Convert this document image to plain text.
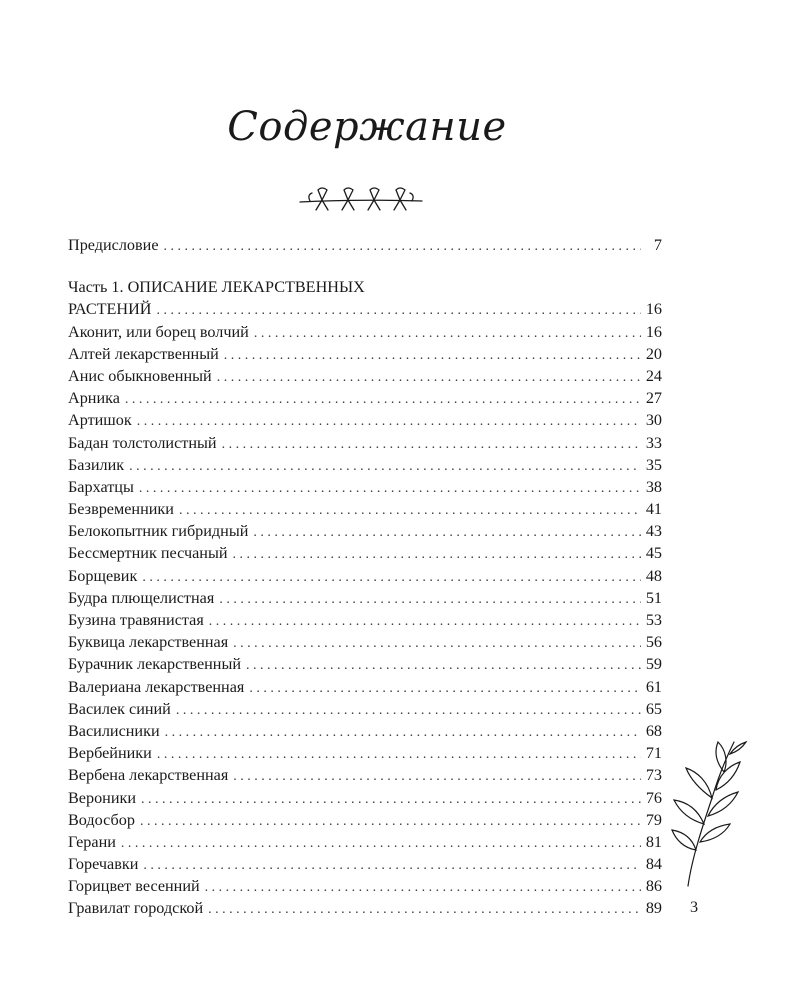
Содержание
Предисловие . . .	7
Часть 1. ОПИСАНИЕ ЛЕКАРСТВЕННЫХ
РАСТЕНИЙ . . .	16
Аконит, или борец волчий . . .	16
Алтей лекарственный . . .	20
Анис обыкновенный . . .	24
Арника . . .	27
Артишок . . .	30
Бадан толстолистный . . .	33
Базилик . . .	35
Бархатцы . . .	38
Безвременники . . .	41
Белокопытник гибридный . . .	43
Бессмертник песчаный . . .	45
Борщевик . . .	48
Будра плющелистная . . .	51
Бузина травянистая . . .	53
Буквица лекарственная . . .	56
Бурачник лекарственный . . .	59
Валериана лекарственная . . .	61
Василек синий . . .	65
Василисники . . .	68
Вербейники . . .	71
Вербена лекарственная . . .	73
Вероники . . .	76
Водосбор . . .	79
Герани . . .	81
Горечавки . . .	84
Горицвет весенний . . .	86
Гравилат городской . . .	89 3
